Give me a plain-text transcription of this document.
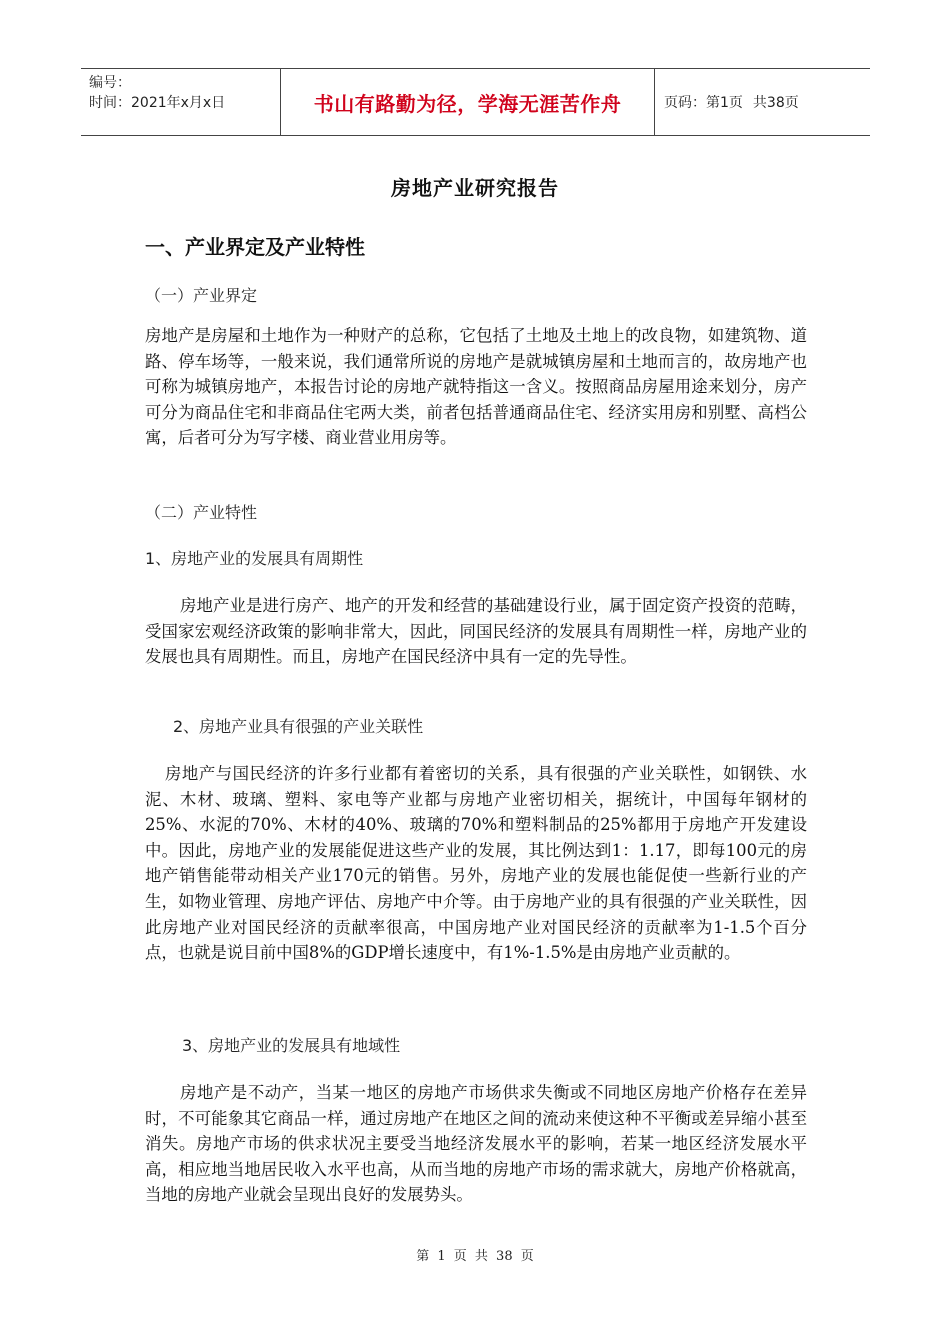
编号：
时间：2021年x月x日	书山有路勤为径，学海无涯苦作舟	页码：第1页 共38页
房地产业研究报告
一、产业界定及产业特性
（一）产业界定

房地产是房屋和土地作为一种财产的总称，它包括了土地及土地上的改良物，如建筑物、道路、停车场等，一般来说，我们通常所说的房地产是就城镇房屋和土地而言的，故房地产也可称为城镇房地产，本报告讨论的房地产就特指这一含义。按照商品房屋用途来划分，房产可分为商品住宅和非商品住宅两大类，前者包括普通商品住宅、经济实用房和别墅、高档公寓，后者可分为写字楼、商业营业用房等。

（二）产业特性
1、房地产业的发展具有周期性

房地产业是进行房产、地产的开发和经营的基础建设行业，属于固定资产投资的范畴，受国家宏观经济政策的影响非常大，因此，同国民经济的发展具有周期性一样，房地产业的发展也具有周期性。而且，房地产在国民经济中具有一定的先导性。

2、房地产业具有很强的产业关联性

房地产与国民经济的许多行业都有着密切的关系，具有很强的产业关联性，如钢铁、水泥、木材、玻璃、塑料、家电等产业都与房地产业密切相关，据统计，中国每年钢材的25%、水泥的70%、木材的40%、玻璃的70%和塑料制品的25%都用于房地产开发建设中。因此，房地产业的发展能促进这些产业的发展，其比例达到1：1.17，即每100元的房地产销售能带动相关产业170元的销售。另外，房地产业的发展也能促使一些新行业的产生，如物业管理、房地产评估、房地产中介等。由于房地产业的具有很强的产业关联性，因此房地产业对国民经济的贡献率很高，中国房地产业对国民经济的贡献率为1-1.5个百分点，也就是说目前中国8%的GDP增长速度中，有1%-1.5%是由房地产业贡献的。

3、房地产业的发展具有地域性

房地产是不动产，当某一地区的房地产市场供求失衡或不同地区房地产价格存在差异时，不可能象其它商品一样，通过房地产在地区之间的流动来使这种不平衡或差异缩小甚至消失。房地产市场的供求状况主要受当地经济发展水平的影响，若某一地区经济发展水平高，相应地当地居民收入水平也高，从而当地的房地产市场的需求就大，房地产价格就高，当地的房地产业就会呈现出良好的发展势头。

第 1 页 共 38 页
